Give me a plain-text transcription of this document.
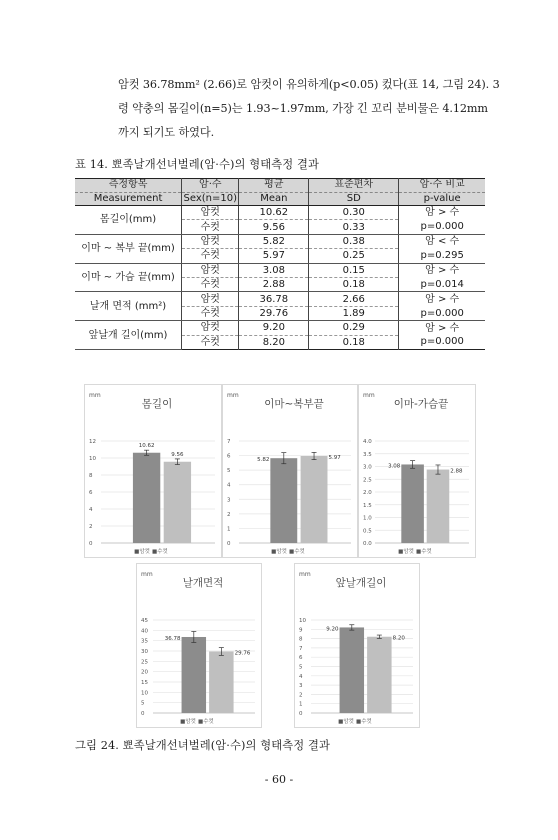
암컷 36.78mm² (2.66)로 암컷이 유의하게(p<0.05) 컸다(표 14, 그림 24). 3
령 약충의 몸길이(n=5)는 1.93~1.97mm, 가장 긴 꼬리 분비물은 4.12mm
까지 되기도 하였다.
표 14. 뾰족날개선녀벌레(암·수)의 형태측정 결과
측정항목	암·수	평균	표준편차	암·수 비교
Measurement	Sex(n=10)	Mean	SD	p-value
몸길이(mm)	암컷	10.62	0.30	암 > 수
	수컷	9.56	0.33	p=0.000
이마 ~ 복부 끝(mm)	암컷	5.82	0.38	암 < 수
	수컷	5.97	0.25	p=0.295
이마 ~ 가슴 끝(mm)	암컷	3.08	0.15	암 > 수
	수컷	2.88	0.18	p=0.014
날개 면적 (mm²)	암컷	36.78	2.66	암 > 수
	수컷	29.76	1.89	p=0.000
앞날개 길이(mm)	암컷	9.20	0.29	암 > 수
	수컷	8.20	0.18	p=0.000
mm
몸길이
0
2
4
6
8
10
12
10.62
9.56
■암컷 ■수컷
mm
이마~복부끝
0
1
2
3
4
5
6
7
5.82	5.97
■암컷 ■수컷
mm
이마-가슴끝
0.0
0.5
1.0
1.5
2.0
2.5
3.0
3.5
4.0
3.08
2.88
■암컷 ■수컷
mm
날개면적
0
5
10
15
20
25
30
35
40
45
36.78
29.76
■암컷 ■수컷
mm
앞날개길이
0
1
2
3
4
5
6
7
8
9
10
9.20
8.20
■암컷 ■수컷
그림 24. 뾰족날개선녀벌레(암·수)의 형태측정 결과
- 60 -
